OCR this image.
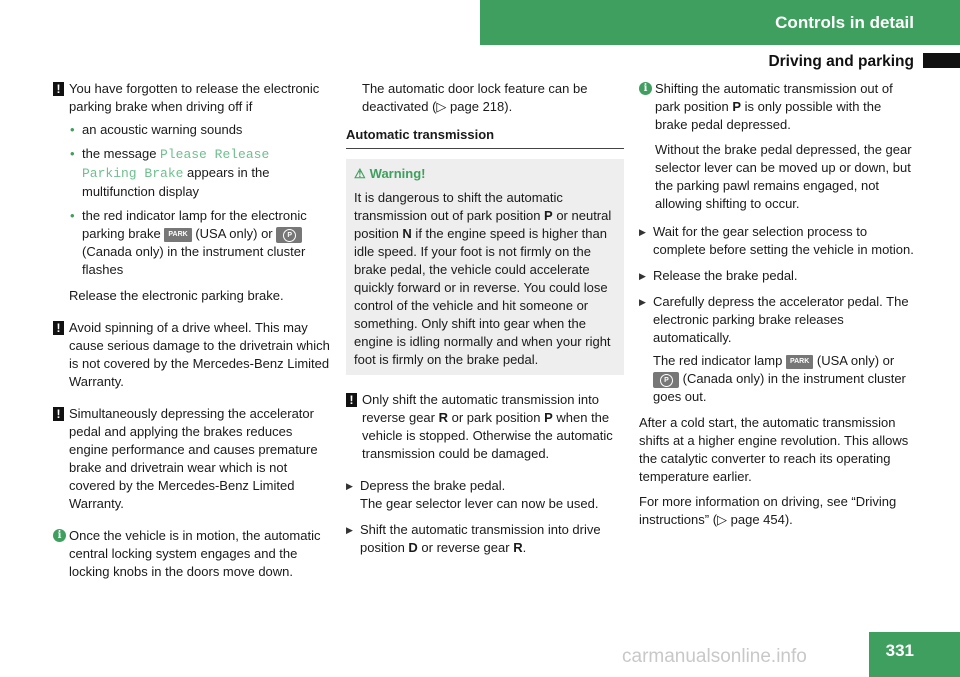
Controls in detail
Driving and parking
! You have forgotten to release the electronic parking brake when driving off if

• an acoustic warning sounds
• the message Please Release Parking Brake appears in the multifunction display
• the red indicator lamp for the electronic parking brake PARK (USA only) or	P
(Canada only) in the instrument cluster flashes

Release the electronic parking brake.

! Avoid spinning of a drive wheel. This may cause serious damage to the drivetrain which is not covered by the Mercedes-Benz Limited Warranty.
! Simultaneously depressing the accelerator pedal and applying the brakes reduces engine performance and causes premature brake and drivetrain wear which is not covered by the Mercedes-Benz Limited Warranty.
i Once the vehicle is in motion, the automatic central locking system engages and the locking knobs in the doors move down.

The automatic door lock feature can be deactivated (▷ page 218).

Automatic transmission
⚠ Warning!
It is dangerous to shift the automatic transmission out of park position P or neutral position N if the engine speed is higher than idle speed. If your foot is not firmly on the brake pedal, the vehicle could accelerate quickly forward or in reverse. You could lose control of the vehicle and hit someone or something. Only shift into gear when the engine is idling normally and when your right foot is firmly on the brake pedal.
! Only shift the automatic transmission into reverse gear R or park position P when the vehicle is stopped. Otherwise the automatic transmission could be damaged.
▶ Depress the brake pedal.
The gear selector lever can now be used.
▶ Shift the automatic transmission into drive position D or reverse gear R.
i Shifting the automatic transmission out of park position P is only possible with the brake pedal depressed.

Without the brake pedal depressed, the gear selector lever can be moved up or down, but the parking pawl remains engaged, not allowing shifting to occur.

▶ Wait for the gear selection process to complete before setting the vehicle in motion.
▶ Release the brake pedal.

▶ Carefully depress the accelerator pedal. The electronic parking brake releases automatically.

The red indicator lamp PARK (USA only) or
P (Canada only) in the instrument cluster goes out.

After a cold start, the automatic transmission shifts at a higher engine revolution. This allows the catalytic converter to reach its operating temperature earlier.

For more information on driving, see “Driving instructions” (▷ page 454).

carmanualsonline.info	331
